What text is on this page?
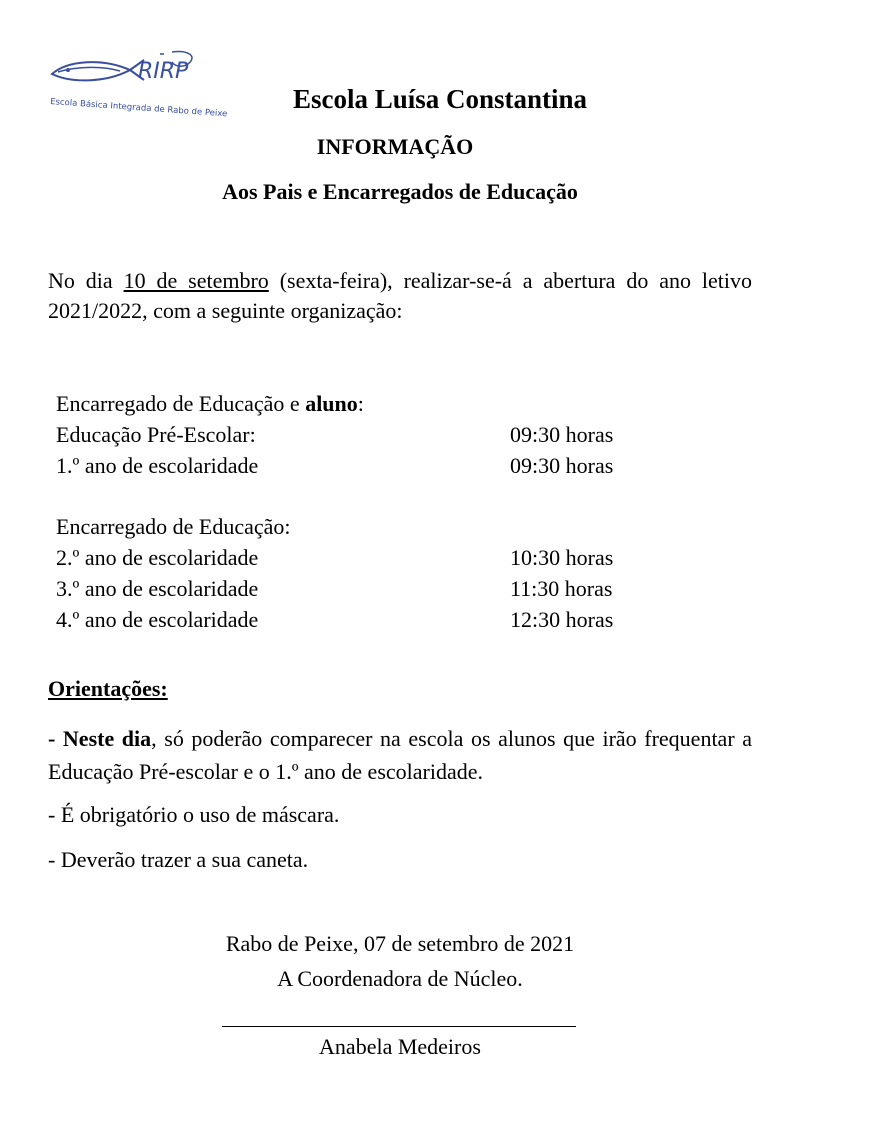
RIRP
Escola Básica Integrada de Rabo de Peixe	Escola Luísa Constantina
INFORMAÇÃO
Aos Pais e Encarregados de Educação
No dia 10 de setembro (sexta-feira), realizar-se-á a abertura do ano letivo 2021/2022, com a seguinte organização:
Encarregado de Educação e aluno:
Educação Pré-Escolar:	09:30 horas
1.º ano de escolaridade	09:30 horas
Encarregado de Educação:
2.º ano de escolaridade	10:30 horas
3.º ano de escolaridade	11:30 horas
4.º ano de escolaridade	12:30 horas
Orientações:
- Neste dia, só poderão comparecer na escola os alunos que irão frequentar a Educação Pré-escolar e o 1.º ano de escolaridade.
- É obrigatório o uso de máscara.
- Deverão trazer a sua caneta.
Rabo de Peixe, 07 de setembro de 2021
A Coordenadora de Núcleo.
Anabela Medeiros
